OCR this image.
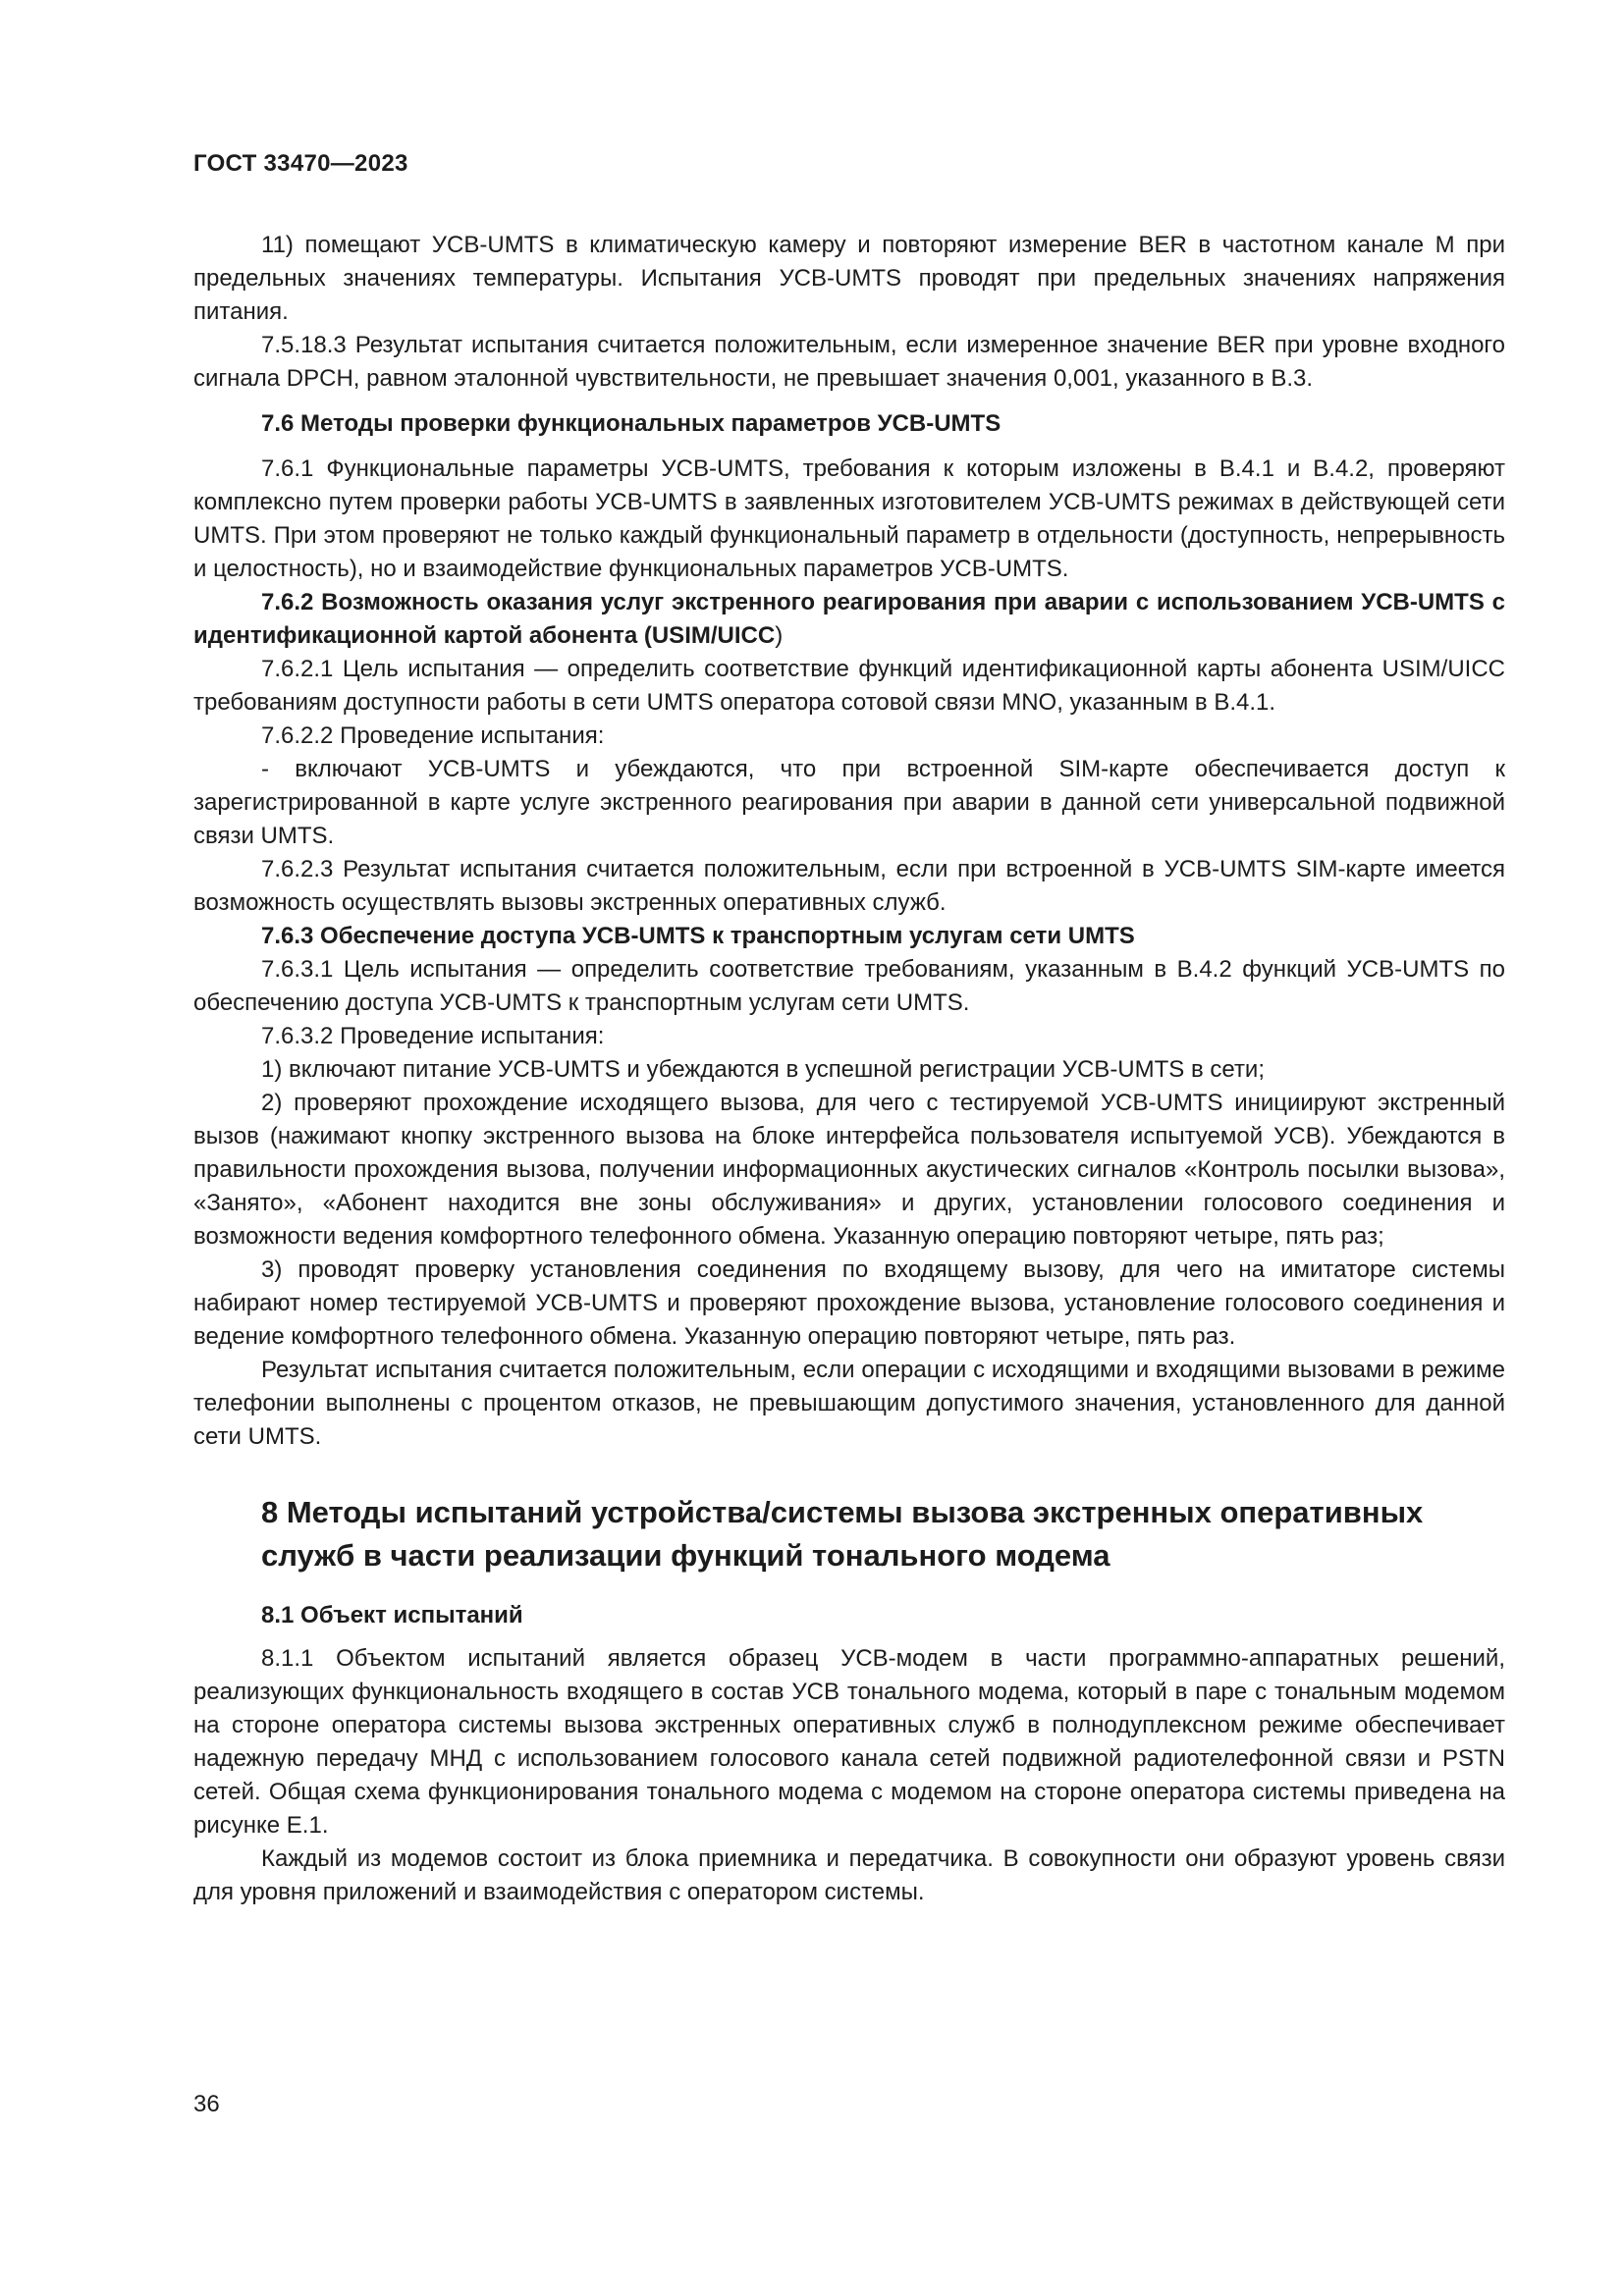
ГОСТ 33470—2023

11) помещают УСВ-UMTS в климатическую камеру и повторяют измерение BER в частотном канале М при предельных значениях температуры. Испытания УСВ-UMTS проводят при предельных значениях напряжения питания.

7.5.18.3 Результат испытания считается положительным, если измеренное значение BER при уровне входного сигнала DPCH, равном эталонной чувствительности, не превышает значения 0,001, указанного в В.3.

7.6 Методы проверки функциональных параметров УСВ-UMTS

7.6.1 Функциональные параметры УСВ-UMTS, требования к которым изложены в В.4.1 и В.4.2, проверяют комплексно путем проверки работы УСВ-UMTS в заявленных изготовителем УСВ-UMTS режимах в действующей сети UMTS. При этом проверяют не только каждый функциональный параметр в отдельности (доступность, непрерывность и целостность), но и взаимодействие функциональных параметров УСВ-UMTS.

7.6.2 Возможность оказания услуг экстренного реагирования при аварии с использованием УСВ-UMTS с идентификационной картой абонента (USIM/UICC)

7.6.2.1 Цель испытания — определить соответствие функций идентификационной карты абонента USIM/UICC требованиям доступности работы в сети UMTS оператора сотовой связи MNO, указанным в В.4.1.

7.6.2.2 Проведение испытания:

- включают УСВ-UMTS и убеждаются, что при встроенной SIM-карте обеспечивается доступ к зарегистрированной в карте услуге экстренного реагирования при аварии в данной сети универсальной подвижной связи UMTS.

7.6.2.3 Результат испытания считается положительным, если при встроенной в УСВ-UMTS SIM-карте имеется возможность осуществлять вызовы экстренных оперативных служб.

7.6.3 Обеспечение доступа УСВ-UMTS к транспортным услугам сети UMTS

7.6.3.1 Цель испытания — определить соответствие требованиям, указанным в В.4.2 функций УСВ-UMTS по обеспечению доступа УСВ-UMTS к транспортным услугам сети UMTS.

7.6.3.2 Проведение испытания:

1) включают питание УСВ-UMTS и убеждаются в успешной регистрации УСВ-UMTS в сети;

2) проверяют прохождение исходящего вызова, для чего с тестируемой УСВ-UMTS инициируют экстренный вызов (нажимают кнопку экстренного вызова на блоке интерфейса пользователя испытуемой УСВ). Убеждаются в правильности прохождения вызова, получении информационных акустических сигналов «Контроль посылки вызова», «Занято», «Абонент находится вне зоны обслуживания» и других, установлении голосового соединения и возможности ведения комфортного телефонного обмена. Указанную операцию повторяют четыре, пять раз;

3) проводят проверку установления соединения по входящему вызову, для чего на имитаторе системы набирают номер тестируемой УСВ-UMTS и проверяют прохождение вызова, установление голосового соединения и ведение комфортного телефонного обмена. Указанную операцию повторяют четыре, пять раз.

Результат испытания считается положительным, если операции с исходящими и входящими вызовами в режиме телефонии выполнены с процентом отказов, не превышающим допустимого значения, установленного для данной сети UMTS.

8 Методы испытаний устройства/системы вызова экстренных оперативных служб в части реализации функций тонального модема

8.1 Объект испытаний

8.1.1 Объектом испытаний является образец УСВ-модем в части программно-аппаратных решений, реализующих функциональность входящего в состав УСВ тонального модема, который в паре с тональным модемом на стороне оператора системы вызова экстренных оперативных служб в полнодуплексном режиме обеспечивает надежную передачу МНД с использованием голосового канала сетей подвижной радиотелефонной связи и PSTN сетей. Общая схема функционирования тонального модема с модемом на стороне оператора системы приведена на рисунке Е.1.

Каждый из модемов состоит из блока приемника и передатчика. В совокупности они образуют уровень связи для уровня приложений и взаимодействия с оператором системы.

36
